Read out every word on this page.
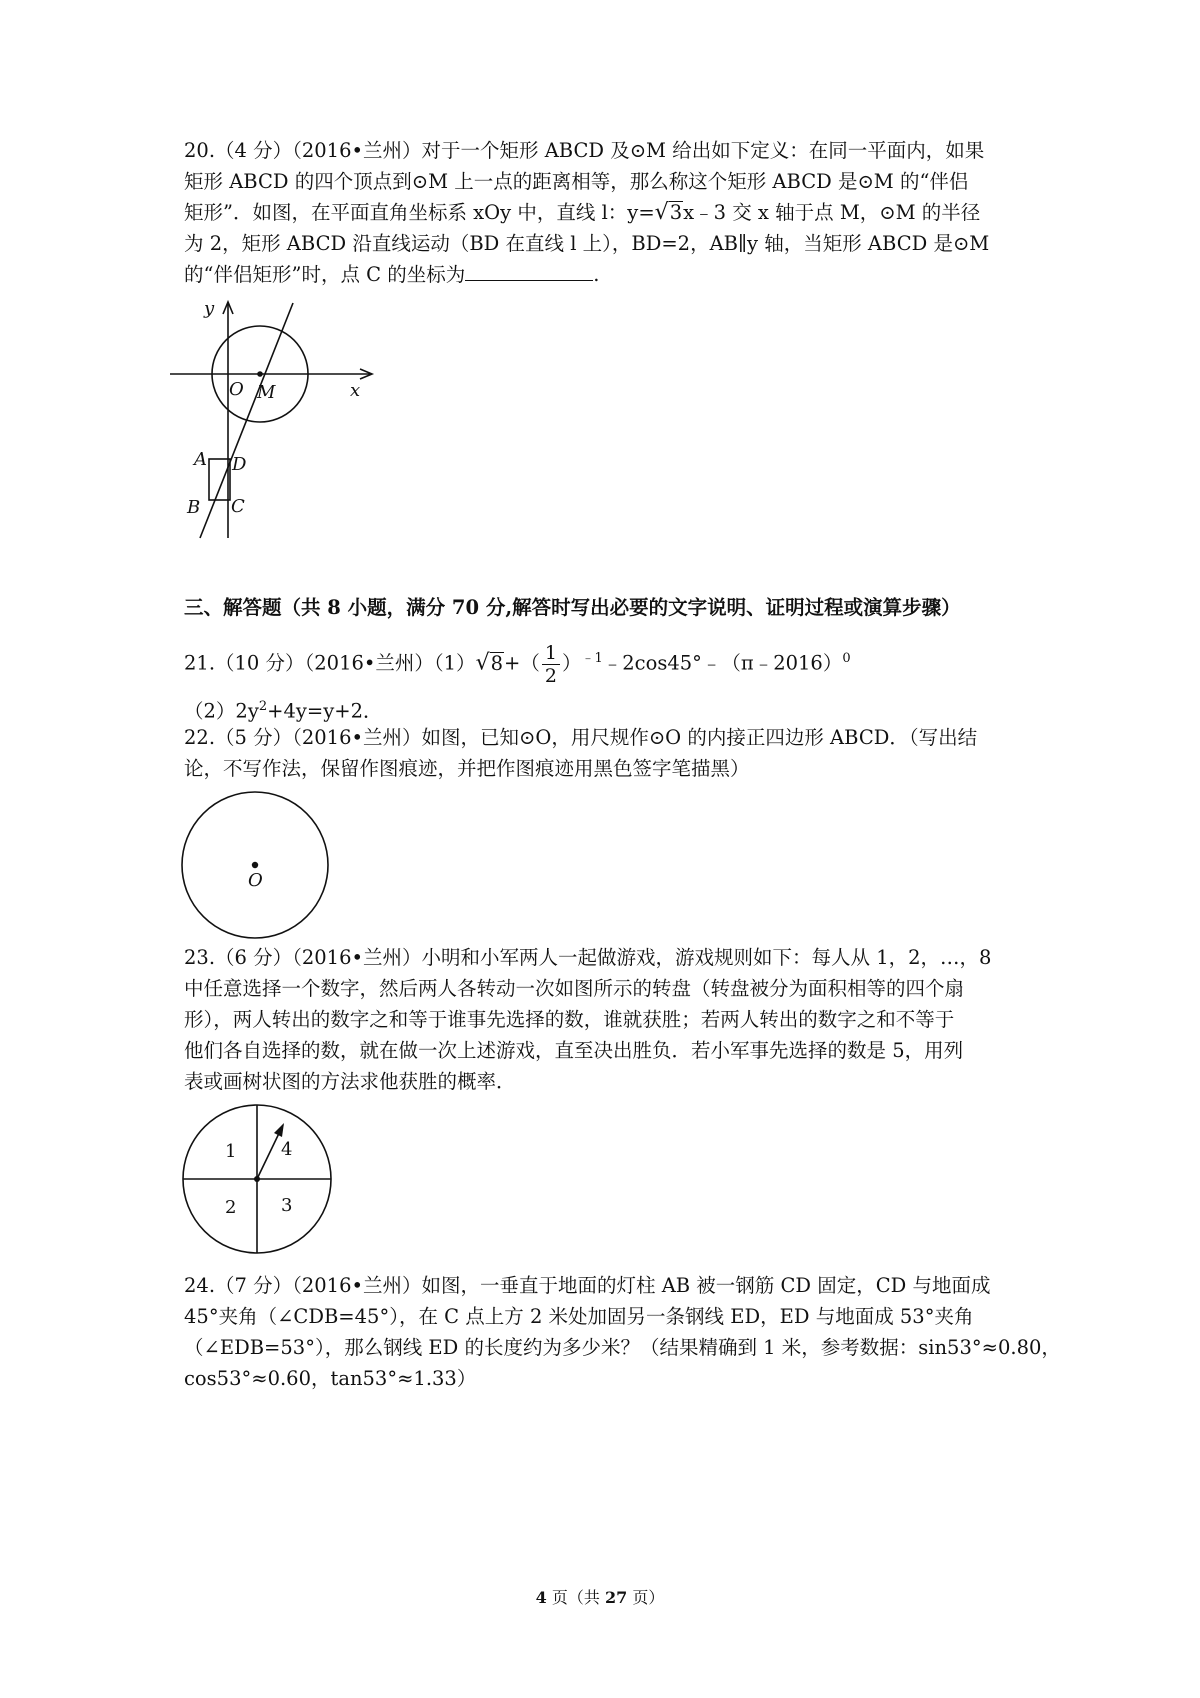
20.（4 分）（2016•兰州）对于一个矩形 ABCD 及⊙M 给出如下定义：在同一平面内，如果
矩形 ABCD 的四个顶点到⊙M 上一点的距离相等，那么称这个矩形 ABCD 是⊙M 的“伴侣
矩形”．如图，在平面直角坐标系 xOy 中，直线 l：y=√3x﹣3 交 x 轴于点 M，⊙M 的半径
为 2，矩形 ABCD 沿直线运动（BD 在直线 l 上），BD=2，AB∥y 轴，当矩形 ABCD 是⊙M
的“伴侣矩形”时，点 C 的坐标为	.
y
x
O M
A D
B C

三、解答题（共 8 小题，满分 70 分,解答时写出必要的文字说明、证明过程或演算步骤）

21.（10 分）（2016•兰州）$(1)√8+( \frac{1}{2}$ ）$^{﹣1}﹣2\cos 45^\circ﹣(\pi﹣2016)^0$
$(2)2y^2+4y=y+2$．
22.（5 分）（2016•兰州）如图，已知⊙O，用尺规作⊙O 的内接正四边形 ABCD．（写出结
论，不写作法，保留作图痕迹，并把作图痕迹用黑色签字笔描黑）
O
23.（6 分）（2016•兰州）小明和小军两人一起做游戏，游戏规则如下：每人从 1，2，…，8
中任意选择一个数字，然后两人各转动一次如图所示的转盘（转盘被分为面积相等的四个扇
形），两人转出的数字之和等于谁事先选择的数，谁就获胜；若两人转出的数字之和不等于
他们各自选择的数，就在做一次上述游戏，直至决出胜负．若小军事先选择的数是 5，用列
表或画树状图的方法求他获胜的概率．
1 4
2 3
24.（7 分）（2016•兰州）如图，一垂直于地面的灯柱 AB 被一钢筋 CD 固定，CD 与地面成
45°夹角（∠CDB=45°），在 C 点上方 2 米处加固另一条钢线 ED，ED 与地面成 53°夹角
（∠EDB=53°），那么钢线 ED 的长度约为多少米？（结果精确到 1 米，参考数据：sin53°≈0.80，
cos53°≈0.60，tan53°≈1.33）
4 页（共 27 页）
